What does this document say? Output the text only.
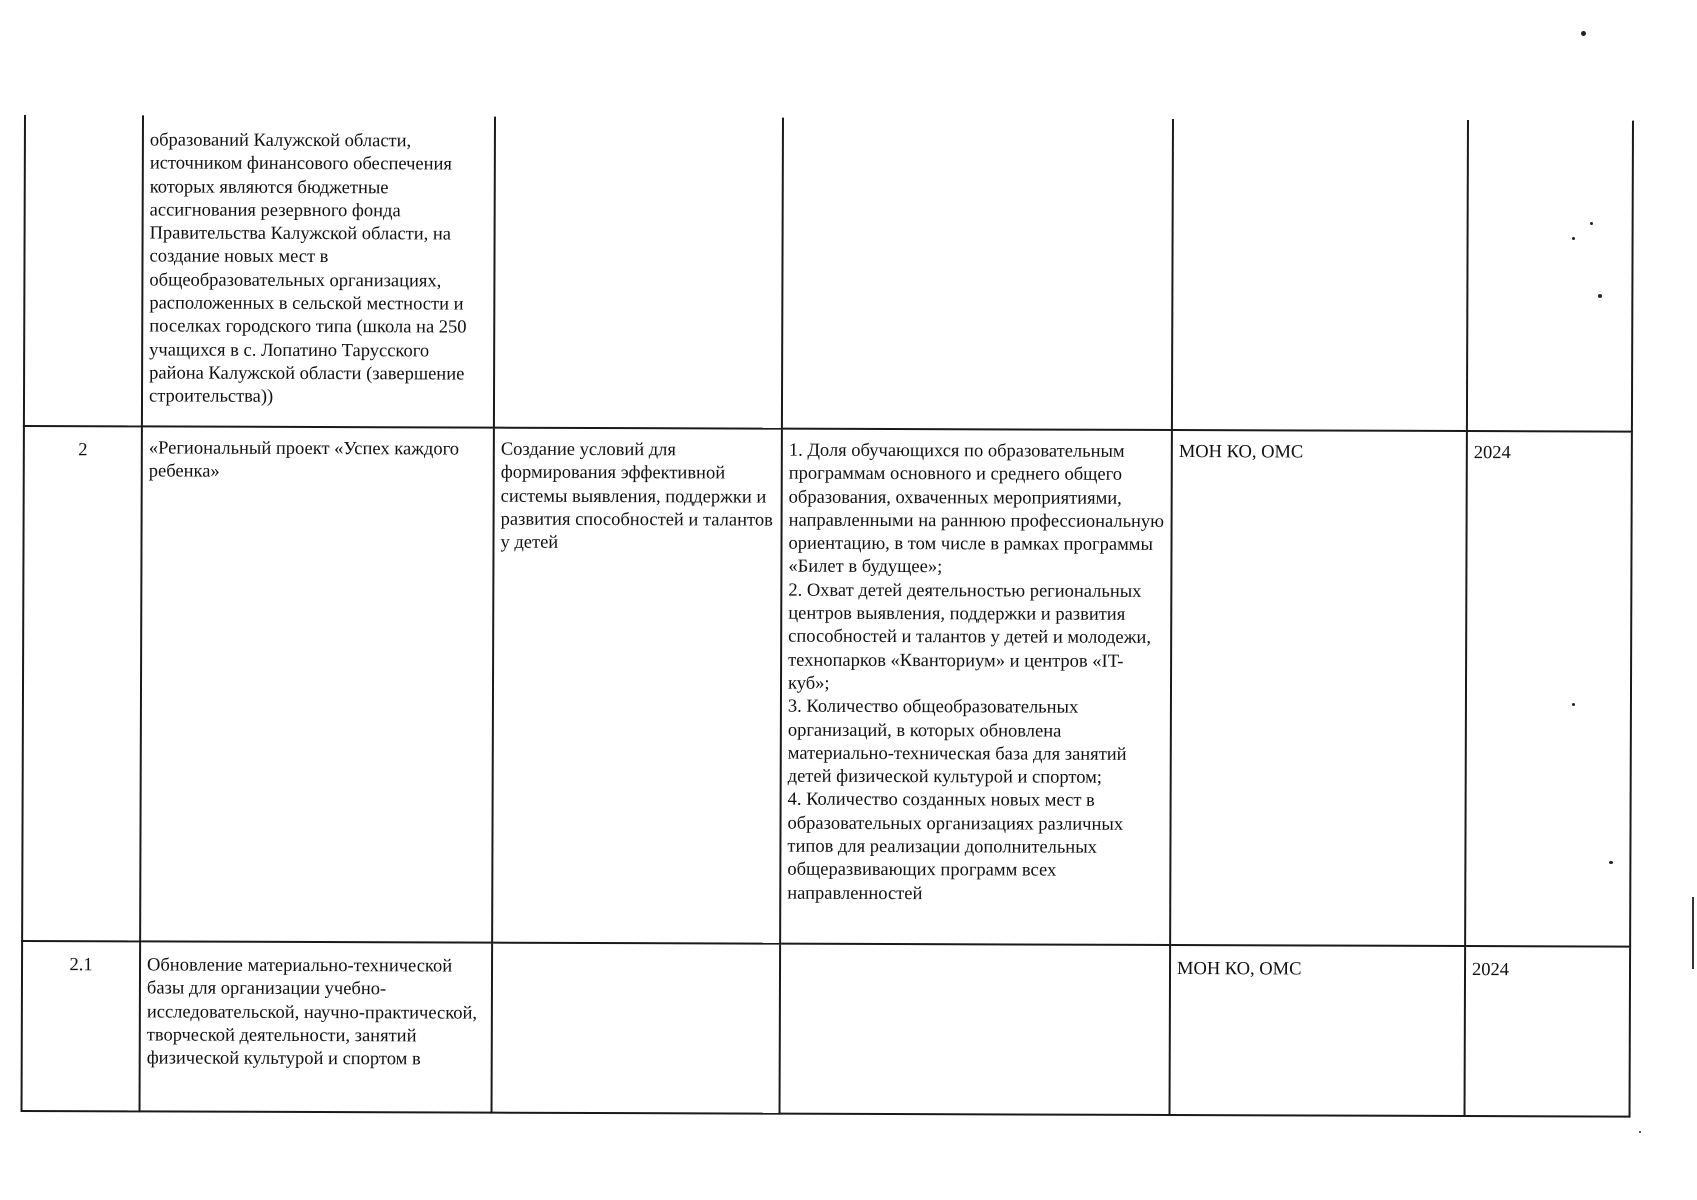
	образований Калужской области, источником финансового обеспечения которых являются бюджетные ассигнования резервного фонда Правительства Калужской области, на создание новых мест в общеобразовательных организациях, расположенных в сельской местности и поселках городского типа (школа на 250 учащихся в с. Лопатино Тарусского района Калужской области (завершение строительства))				
2	«Региональный проект «Успех каждого ребенка»	Создание условий для формирования эффективной системы выявления, поддержки и развития способностей и талантов у детей	1. Доля обучающихся по образовательным программам основного и среднего общего образования, охваченных мероприятиями, направленными на раннюю профессиональную ориентацию, в том числе в рамках программы «Билет в будущее»;
2. Охват детей деятельностью региональных центров выявления, поддержки и развития способностей и талантов у детей и молодежи, технопарков «Кванториум» и центров «IT-куб»;
3. Количество общеобразовательных организаций, в которых обновлена материально-техническая база для занятий детей физической культурой и спортом;
4. Количество созданных новых мест в образовательных организациях различных типов для реализации дополнительных общеразвивающих программ всех направленностей	МОН КО, ОМС	2024
2.1	Обновление материально-технической базы для организации учебно-исследовательской, научно-практической, творческой деятельности, занятий физической культурой и спортом в			МОН КО, ОМС	2024
